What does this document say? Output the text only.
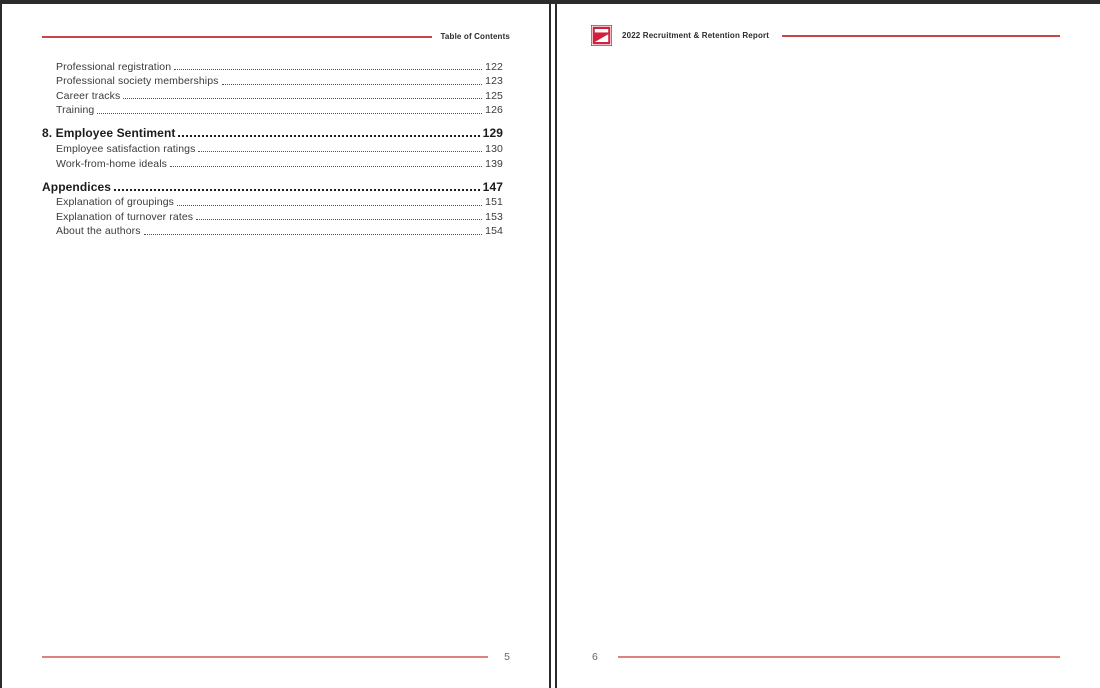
Table of Contents
Professional registration	122
Professional society memberships	123
Career tracks	125
Training	126
8. Employee Sentiment	129
Employee satisfaction ratings	130
Work-from-home ideals	139
Appendices	147
Explanation of groupings	151
Explanation of turnover rates	153
About the authors	154
5
2022 Recruitment & Retention Report
6
